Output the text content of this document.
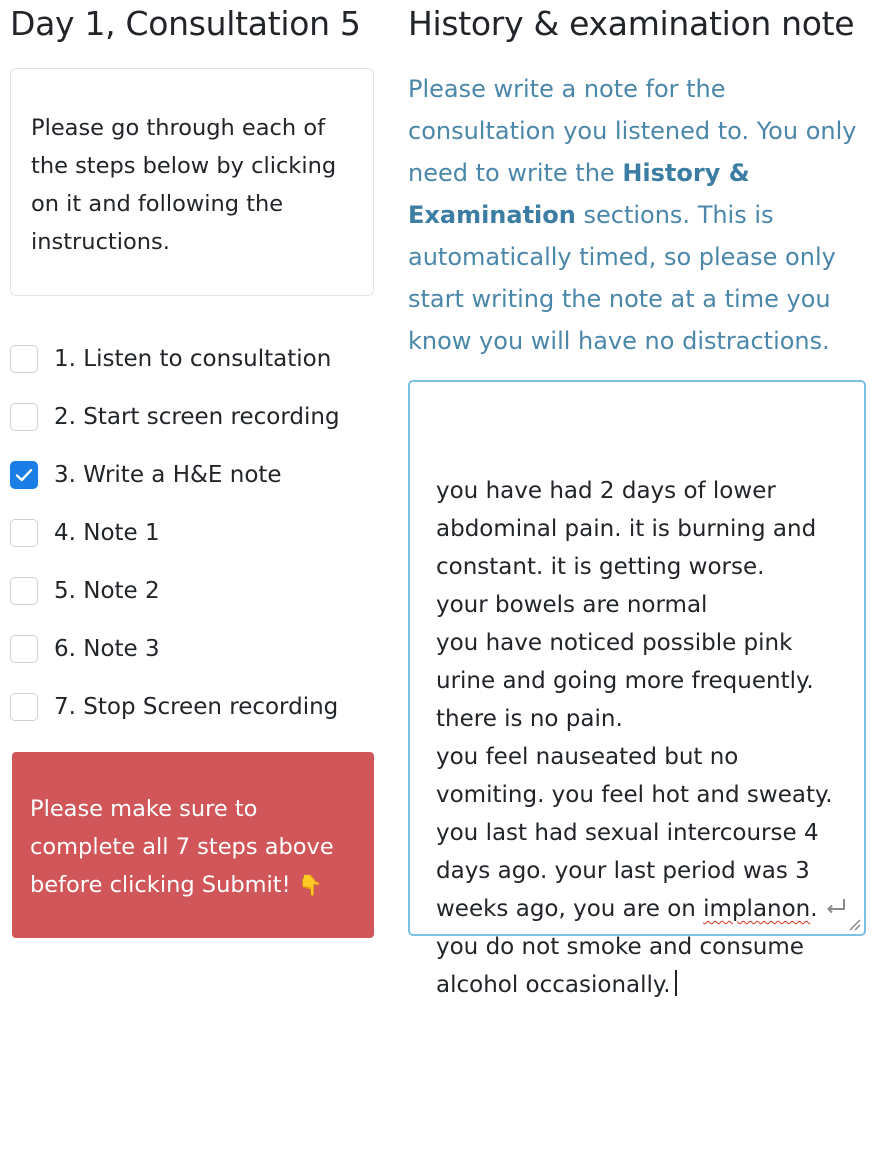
Day 1, Consultation 5
Please go through each of the steps below by clicking on it and following the instructions.
1. Listen to consultation
2. Start screen recording
3. Write a H&E note
4. Note 1
5. Note 2
6. Note 3
7. Stop Screen recording
Please make sure to complete all 7 steps above before clicking Submit! 👇
History & examination note
Please write a note for the consultation you listened to. You only need to write the History & Examination sections. This is automatically timed, so please only start writing the note at a time you know you will have no distractions.

you have had 2 days of lower abdominal pain. it is burning and constant. it is getting worse.
your bowels are normal
you have noticed possible pink urine and going more frequently. there is no pain.
you feel nauseated but no vomiting. you feel hot and sweaty.
you last had sexual intercourse 4 days ago. your last period was 3 weeks ago, you are on implanon.
you do not smoke and consume alcohol occasionally.
